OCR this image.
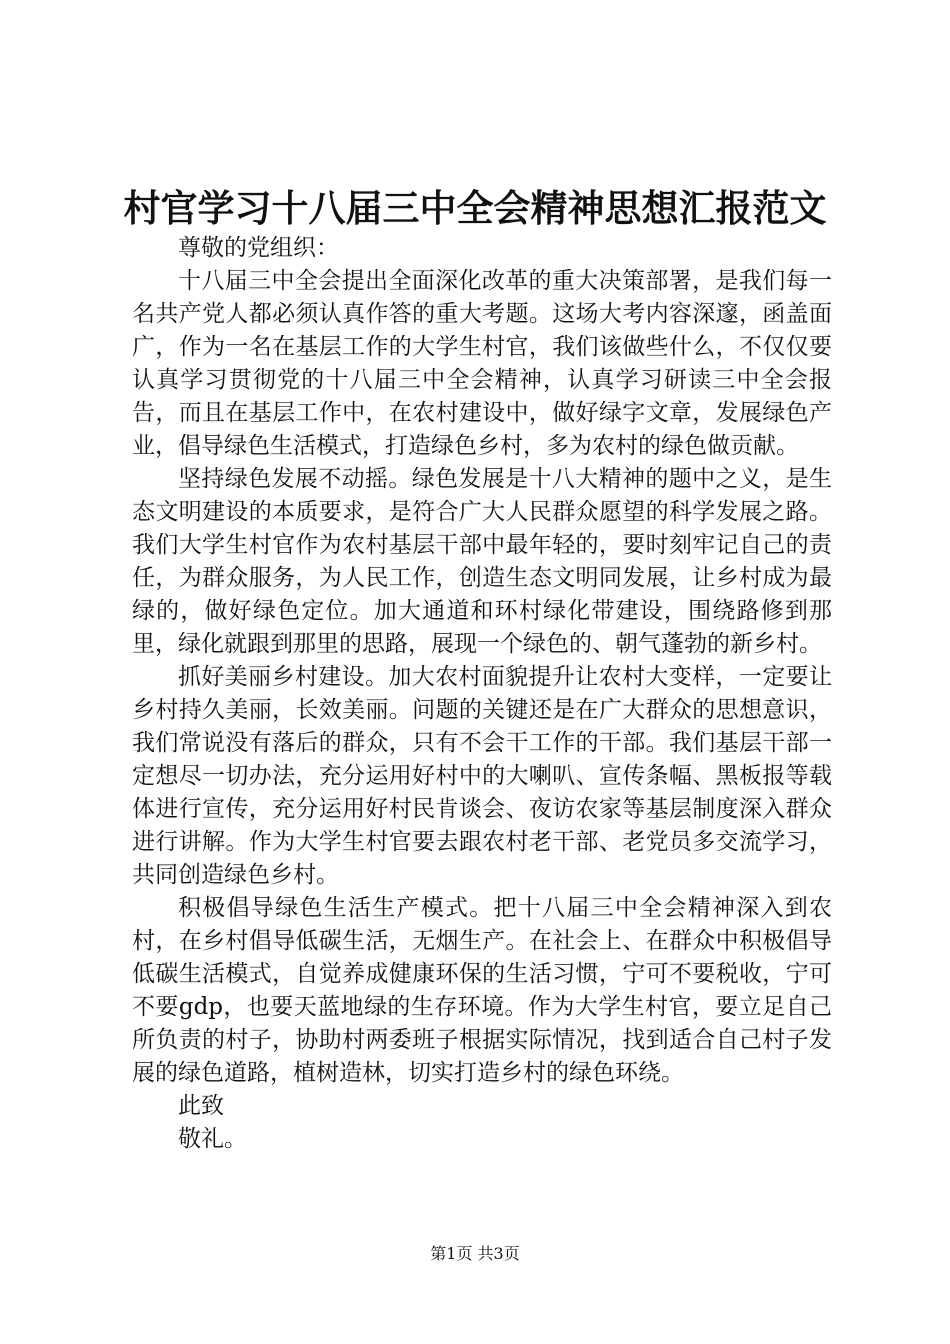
村官学习十八届三中全会精神思想汇报范文

尊敬的党组织：

十八届三中全会提出全面深化改革的重大决策部署，是我们每一名共产党人都必须认真作答的重大考题。这场大考内容深邃，函盖面广，作为一名在基层工作的大学生村官，我们该做些什么，不仅仅要认真学习贯彻党的十八届三中全会精神，认真学习研读三中全会报告，而且在基层工作中，在农村建设中，做好绿字文章，发展绿色产业，倡导绿色生活模式，打造绿色乡村，多为农村的绿色做贡献。

坚持绿色发展不动摇。绿色发展是十八大精神的题中之义，是生态文明建设的本质要求，是符合广大人民群众愿望的科学发展之路。我们大学生村官作为农村基层干部中最年轻的，要时刻牢记自己的责任，为群众服务，为人民工作，创造生态文明同发展，让乡村成为最绿的，做好绿色定位。加大通道和环村绿化带建设，围绕路修到那里，绿化就跟到那里的思路，展现一个绿色的、朝气蓬勃的新乡村。

抓好美丽乡村建设。加大农村面貌提升让农村大变样，一定要让乡村持久美丽，长效美丽。问题的关键还是在广大群众的思想意识，我们常说没有落后的群众，只有不会干工作的干部。我们基层干部一定想尽一切办法，充分运用好村中的大喇叭、宣传条幅、黑板报等载体进行宣传，充分运用好村民肯谈会、夜访农家等基层制度深入群众进行讲解。作为大学生村官要去跟农村老干部、老党员多交流学习，共同创造绿色乡村。

积极倡导绿色生活生产模式。把十八届三中全会精神深入到农村，在乡村倡导低碳生活，无烟生产。在社会上、在群众中积极倡导低碳生活模式，自觉养成健康环保的生活习惯，宁可不要税收，宁可不要gdp，也要天蓝地绿的生存环境。作为大学生村官，要立足自己所负责的村子，协助村两委班子根据实际情况，找到适合自己村子发展的绿色道路，植树造林，切实打造乡村的绿色环绕。

此致

敬礼。

第1页 共3页
